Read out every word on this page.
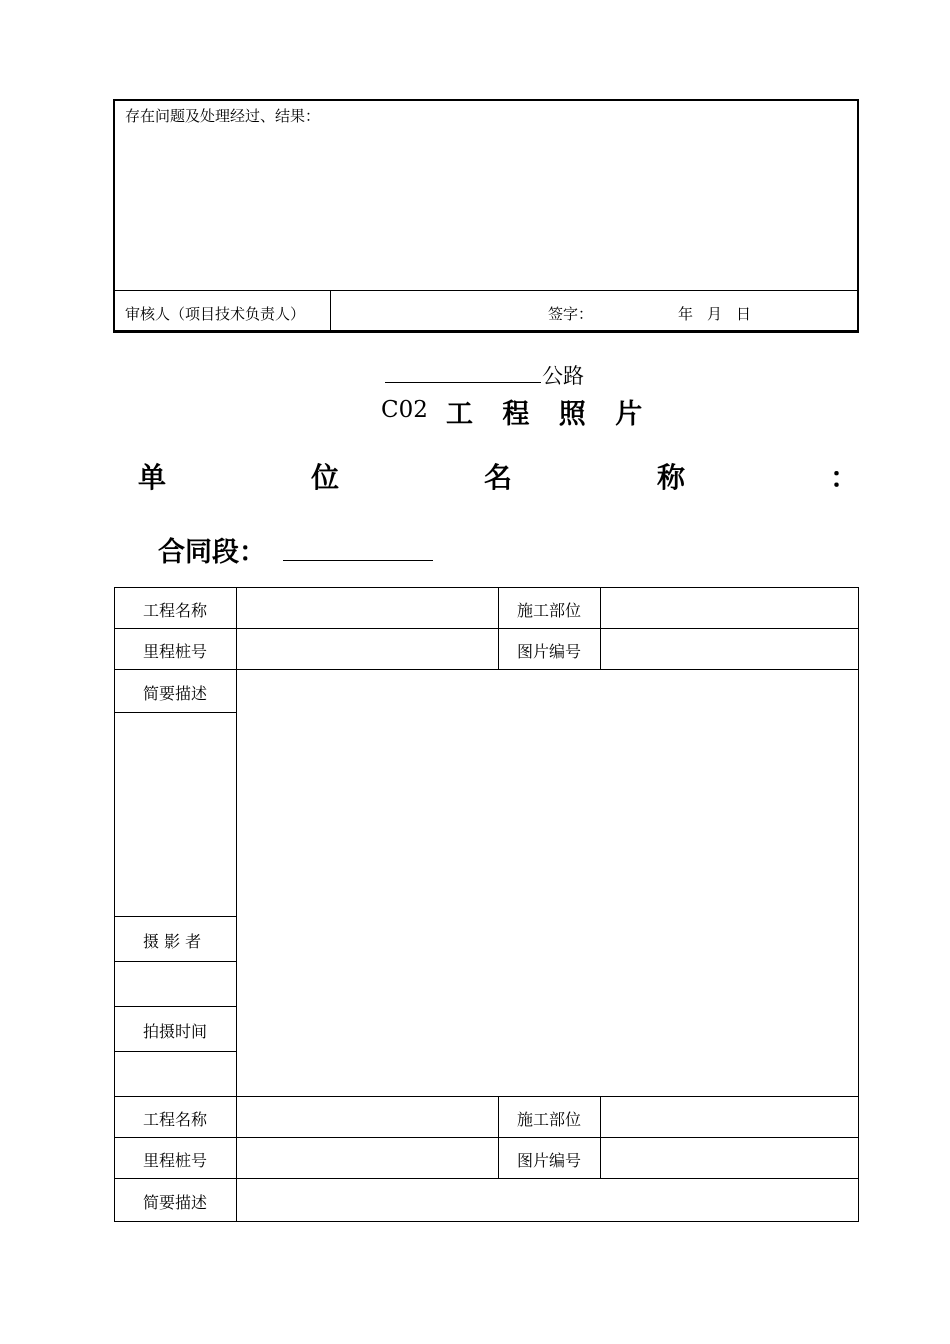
存在问题及处理经过、结果：
审核人（项目技术负责人）	签字：	年 月 日
公路
C02 工 程 照 片
单	位	名	称	：
合同段：
工程名称	施工部位
里程桩号	图片编号
简要描述
摄 影 者
拍摄时间
工程名称	施工部位
里程桩号	图片编号
简要描述
